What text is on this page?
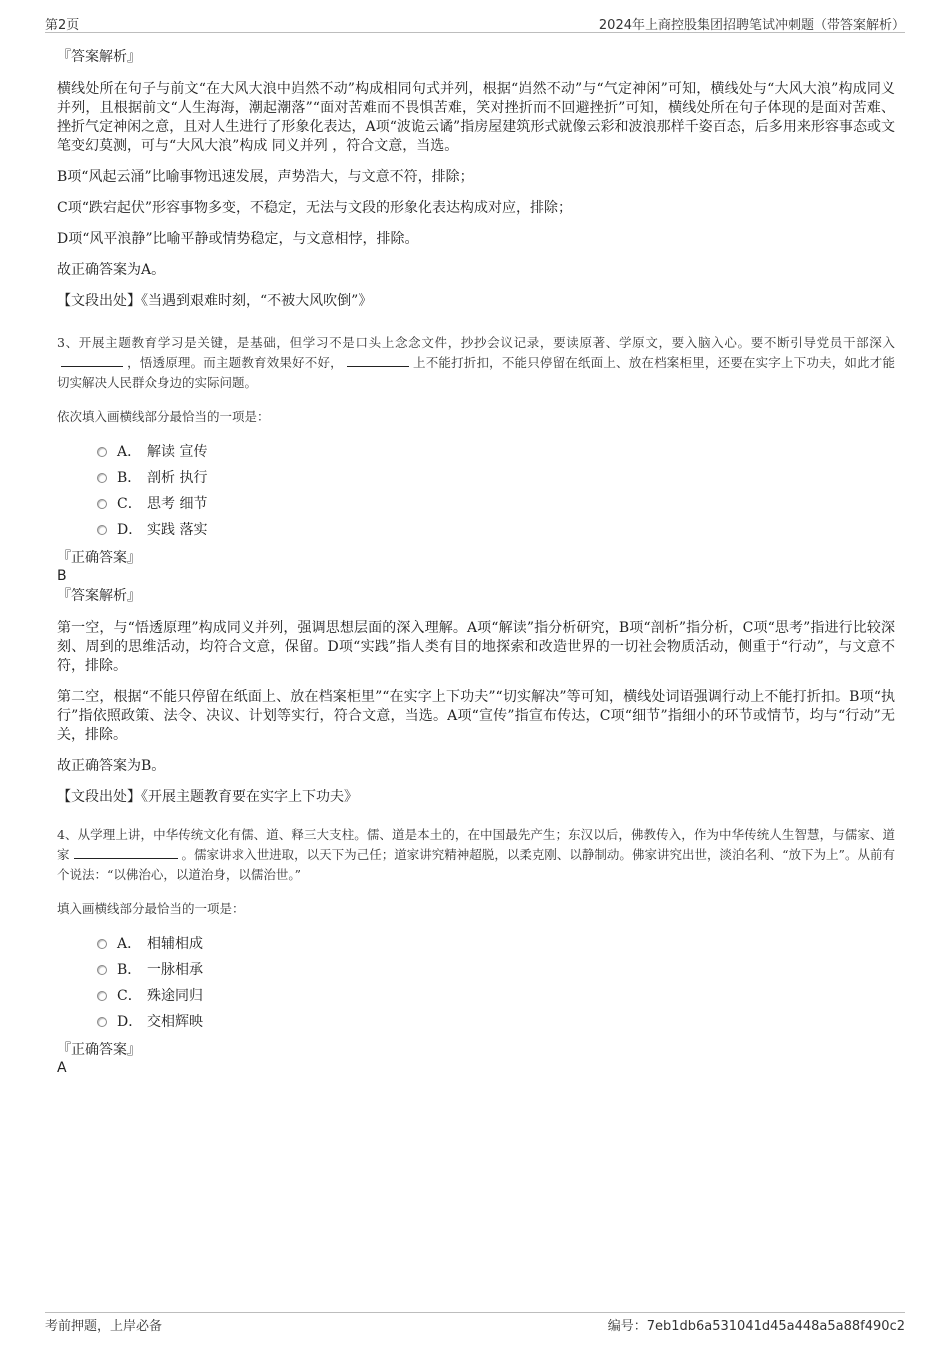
第2页	2024年上商控股集团招聘笔试冲刺题（带答案解析）

『答案解析』

横线处所在句子与前文“在大风大浪中岿然不动”构成相同句式并列，根据“岿然不动”与“气定神闲”可知，横线处与“大风大浪”构成同义并列，且根据前文“人生海海，潮起潮落”“面对苦难而不畏惧苦难，笑对挫折而不回避挫折”可知，横线处所在句子体现的是面对苦难、挫折气定神闲之意，且对人生进行了形象化表达，A项“波诡云谲”指房屋建筑形式就像云彩和波浪那样千姿百态，后多用来形容事态或文笔变幻莫测，可与“大风大浪”构成 同义并列 ，符合文意，当选。

B项“风起云涌”比喻事物迅速发展，声势浩大，与文意不符，排除；

C项“跌宕起伏”形容事物多变，不稳定，无法与文段的形象化表达构成对应，排除；

D项“风平浪静”比喻平静或情势稳定，与文意相悖，排除。

故正确答案为A。

【文段出处】《当遇到艰难时刻，“不被大风吹倒”》

3、开展主题教育学习是关键，是基础，但学习不是口头上念念文件，抄抄会议记录，要读原著、学原文，要入脑入心。要不断引导党员干部深入，悟透原理。而主题教育效果好不好，	上不能打折扣，不能只停留在纸面上、放在档案柜里，还要在实字上下功夫，如此才能切实解决人民群众身边的实际问题。

依次填入画横线部分最恰当的一项是：

A． 解读 宣传
B． 剖析 执行
C． 思考 细节
D． 实践 落实

『正确答案』

B

『答案解析』

第一空，与“悟透原理”构成同义并列，强调思想层面的深入理解。A项“解读”指分析研究，B项“剖析”指分析，C项“思考”指进行比较深刻、周到的思维活动，均符合文意，保留。D项“实践”指人类有目的地探索和改造世界的一切社会物质活动，侧重于“行动”，与文意不符，排除。

第二空，根据“不能只停留在纸面上、放在档案柜里”“在实字上下功夫”“切实解决”等可知，横线处词语强调行动上不能打折扣。B项“执行”指依照政策、法令、决议、计划等实行，符合文意，当选。A项“宣传”指宣布传达，C项“细节”指细小的环节或情节，均与“行动”无关，排除。

故正确答案为B。

【文段出处】《开展主题教育要在实字上下功夫》

4、从学理上讲，中华传统文化有儒、道、释三大支柱。儒、道是本土的，在中国最先产生；东汉以后，佛教传入，作为中华传统人生智慧，与儒家、道家	。儒家讲求入世进取，以天下为己任；道家讲究精神超脱，以柔克刚、以静制动。佛家讲究出世，淡泊名利、“放下为上”。从前有个说法：“以佛治心，以道治身，以儒治世。”

填入画横线部分最恰当的一项是：

A． 相辅相成
B． 一脉相承
C． 殊途同归
D． 交相辉映

『正确答案』

A

考前押题，上岸必备	编号：7eb1db6a531041d45a448a5a88f490c2
